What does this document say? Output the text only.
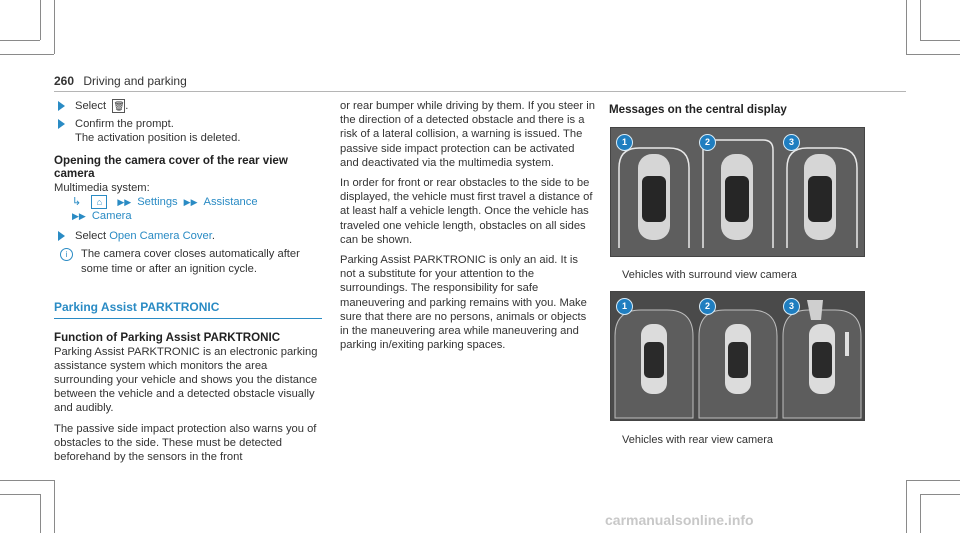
260 Driving and parking
Select 🗑︎.
Confirm the prompt.
The activation position is deleted.
Opening the camera cover of the rear view camera
Multimedia system:
↳	⌂	▶▶ Settings ▶▶ Assistance
▶▶ Camera
Select Open Camera Cover.
i	The camera cover closes automatically after some time or after an ignition cycle.
Parking Assist PARKTRONIC
Function of Parking Assist PARKTRONIC
Parking Assist PARKTRONIC is an electronic parking assistance system which monitors the area surrounding your vehicle and shows you the distance between the vehicle and a detected obstacle visually and audibly.
The passive side impact protection also warns you of obstacles to the side. These must be detected beforehand by the sensors in the front
or rear bumper while driving by them. If you steer in the direction of a detected obstacle and there is a risk of a lateral collision, a warning is issued. The passive side impact protection can be activated and deactivated via the multimedia system.
In order for front or rear obstacles to the side to be displayed, the vehicle must first travel a distance of at least half a vehicle length. Once the vehicle has traveled one vehicle length, obstacles on all sides can be shown.
Parking Assist PARKTRONIC is only an aid. It is not a substitute for your attention to the surroundings. The responsibility for safe maneuvering and parking remains with you. Make sure that there are no persons, animals or objects in the maneuvering area while maneuvering and parking in/exiting parking spaces.
Messages on the central display
1	2	3
Vehicles with surround view camera
1	2	3
Vehicles with rear view camera
carmanualsonline.info
